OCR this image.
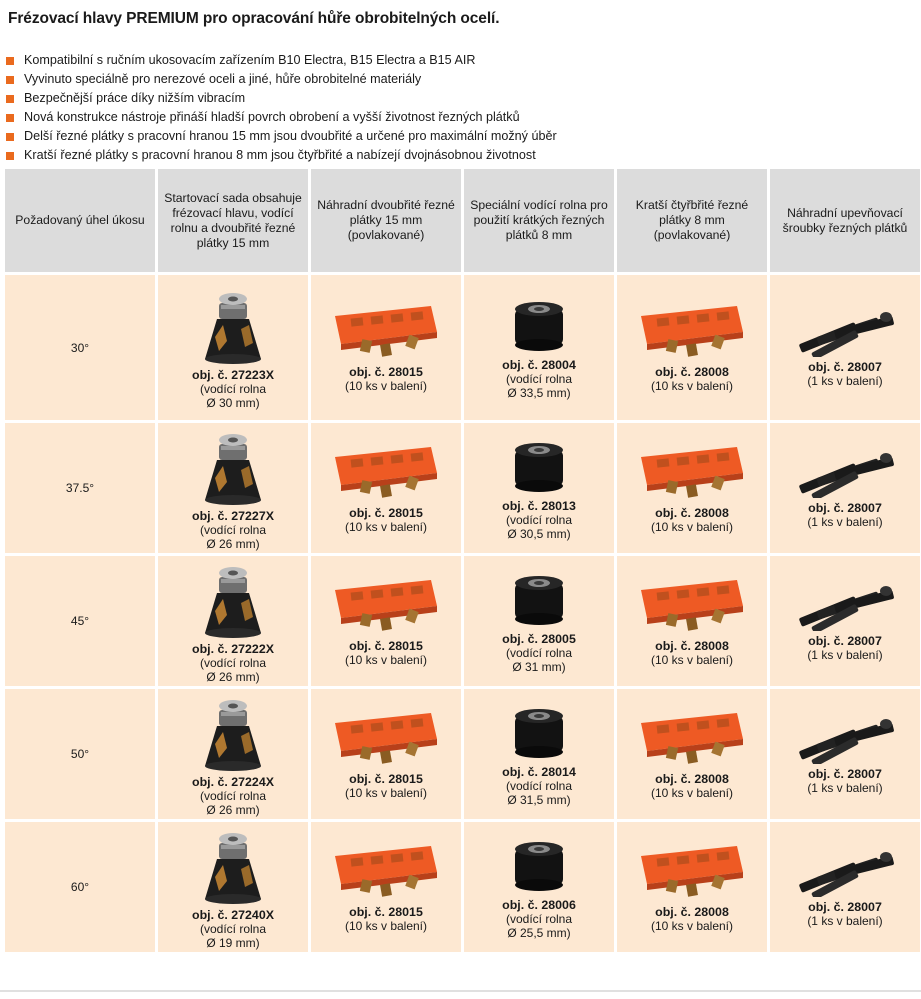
Frézovací hlavy PREMIUM pro opracování hůře obrobitelných ocelí.
Kompatibilní s ručním ukosovacím zařízením B10 Electra, B15 Electra a B15 AIR
Vyvinuto speciálně pro nerezové oceli a jiné, hůře obrobitelné materiály
Bezpečnější práce díky nižším vibracím
Nová konstrukce nástroje přináší hladší povrch obrobení a vyšší životnost řezných plátků
Delší řezné plátky s pracovní hranou 15 mm jsou dvoubřité a určené pro maximální možný úběr
Kratší řezné plátky s pracovní hranou 8 mm jsou čtyřbřité a nabízejí dvojnásobnou životnost
Požadovaný úhel úkosu	Startovací sada obsahuje frézovací hlavu, vodící rolnu a dvoubřité řezné plátky 15 mm	Náhradní dvoubřité řezné plátky 15 mm (povlakované)	Speciální vodící rolna pro použití krátkých řezných plátků 8 mm	Kratší čtyřbřité řezné plátky 8 mm (povlakované)	Náhradní upevňovací šroubky řezných plátků
30°	obj. č. 27223X
(vodící rolna
Ø 30 mm)	obj. č. 28015
(10 ks v balení)	obj. č. 28004
(vodící rolna
Ø 33,5 mm)	obj. č. 28008
(10 ks v balení)	obj. č. 28007
(1 ks v balení)

37.5°	obj. č. 27227X
(vodící rolna
Ø 26 mm)	obj. č. 28015
(10 ks v balení)	obj. č. 28013
(vodící rolna
Ø 30,5 mm)	obj. č. 28008
(10 ks v balení)	obj. č. 28007
(1 ks v balení)

45°	obj. č. 27222X
(vodící rolna
Ø 26 mm)	obj. č. 28015
(10 ks v balení)	obj. č. 28005
(vodící rolna
Ø 31 mm)	obj. č. 28008
(10 ks v balení)	obj. č. 28007
(1 ks v balení)

50°	obj. č. 27224X
(vodící rolna
Ø 26 mm)	obj. č. 28015
(10 ks v balení)	obj. č. 28014
(vodící rolna
Ø 31,5 mm)	obj. č. 28008
(10 ks v balení)	obj. č. 28007
(1 ks v balení)

60°	obj. č. 27240X
(vodící rolna
Ø 19 mm)	obj. č. 28015
(10 ks v balení)	obj. č. 28006
(vodící rolna
Ø 25,5 mm)	obj. č. 28008
(10 ks v balení)	obj. č. 28007
(1 ks v balení)
